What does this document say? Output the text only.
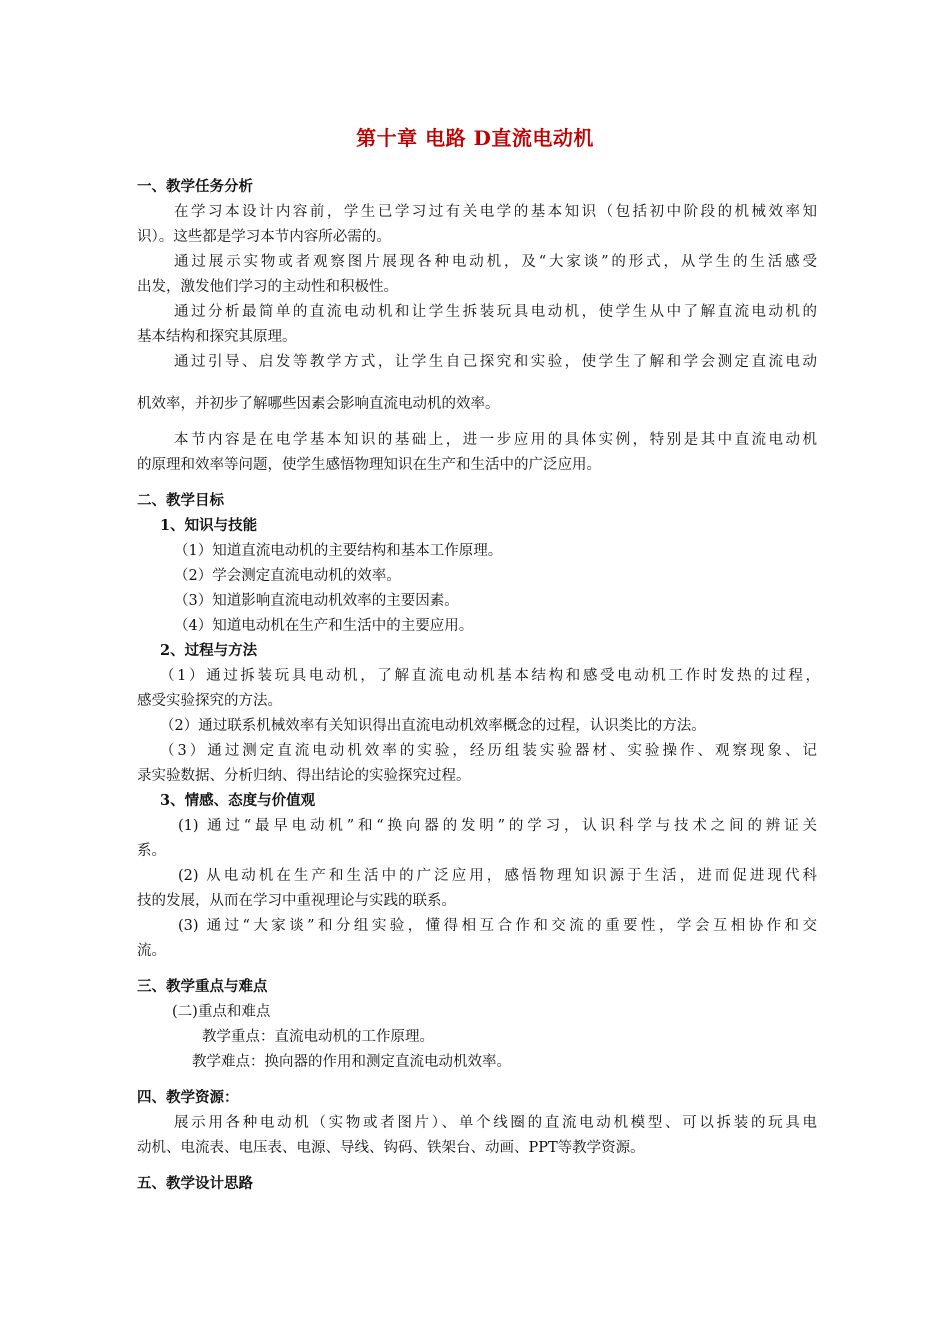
第十章 电路 D直流电动机
一、教学任务分析
在学习本设计内容前，学生已学习过有关电学的基本知识（包括初中阶段的机械效率知
识）。这些都是学习本节内容所必需的。
通过展示实物或者观察图片展现各种电动机，及“大家谈”的形式，从学生的生活感受
出发，激发他们学习的主动性和积极性。
通过分析最简单的直流电动机和让学生拆装玩具电动机，使学生从中了解直流电动机的
基本结构和探究其原理。
通过引导、启发等教学方式，让学生自己探究和实验，使学生了解和学会测定直流电动
机效率，并初步了解哪些因素会影响直流电动机的效率。
本节内容是在电学基本知识的基础上，进一步应用的具体实例，特别是其中直流电动机
的原理和效率等问题，使学生感悟物理知识在生产和生活中的广泛应用。
二、教学目标
1、知识与技能
（1）知道直流电动机的主要结构和基本工作原理。
（2）学会测定直流电动机的效率。
（3）知道影响直流电动机效率的主要因素。
（4）知道电动机在生产和生活中的主要应用。
2、过程与方法
（1）通过拆装玩具电动机，了解直流电动机基本结构和感受电动机工作时发热的过程，
感受实验探究的方法。
（2）通过联系机械效率有关知识得出直流电动机效率概念的过程，认识类比的方法。
（3）通过测定直流电动机效率的实验，经历组装实验器材、实验操作、观察现象、记
录实验数据、分析归纳、得出结论的实验探究过程。
3、情感、态度与价值观
(1) 通过“最早电动机”和“换向器的发明”的学习，认识科学与技术之间的辨证关
系。
(2) 从电动机在生产和生活中的广泛应用，感悟物理知识源于生活，进而促进现代科
技的发展，从而在学习中重视理论与实践的联系。
(3) 通过“大家谈”和分组实验，懂得相互合作和交流的重要性，学会互相协作和交
流。
三、教学重点与难点
(二)重点和难点
教学重点：直流电动机的工作原理。
教学难点：换向器的作用和测定直流电动机效率。
四、教学资源：
展示用各种电动机（实物或者图片）、单个线圈的直流电动机模型、可以拆装的玩具电
动机、电流表、电压表、电源、导线、钩码、铁架台、动画、PPT等教学资源。
五、教学设计思路
